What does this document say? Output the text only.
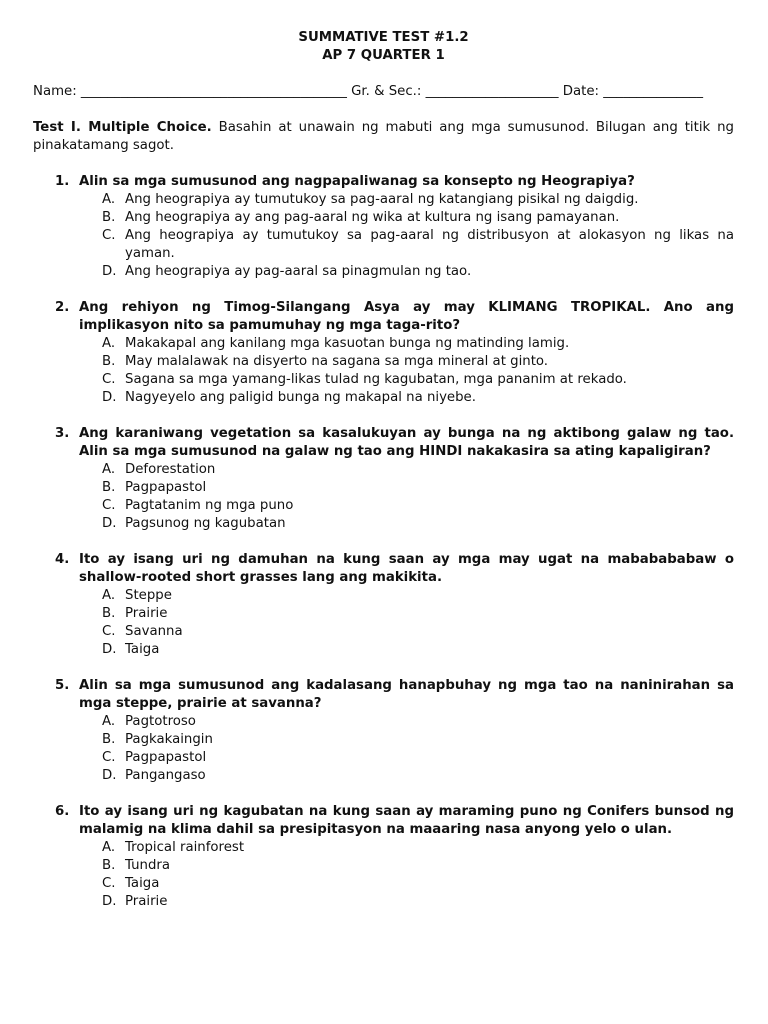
SUMMATIVE TEST #1.2
AP 7 QUARTER 1
Name: ________________________________________ Gr. & Sec.: ____________________ Date: _______________
Test I. Multiple Choice. Basahin at unawain ng mabuti ang mga sumusunod. Bilugan ang titik ng pinakatamang sagot.
1. Alin sa mga sumusunod ang nagpapaliwanag sa konsepto ng Heograpiya?
A. Ang heograpiya ay tumutukoy sa pag-aaral ng katangiang pisikal ng daigdig.
B. Ang heograpiya ay ang pag-aaral ng wika at kultura ng isang pamayanan.
C. Ang heograpiya ay tumutukoy sa pag-aaral ng distribusyon at alokasyon ng likas na yaman.
D. Ang heograpiya ay pag-aaral sa pinagmulan ng tao.
2. Ang rehiyon ng Timog-Silangang Asya ay may KLIMANG TROPIKAL. Ano ang implikasyon nito sa pamumuhay ng mga taga-rito?
A. Makakapal ang kanilang mga kasuotan bunga ng matinding lamig.
B. May malalawak na disyerto na sagana sa mga mineral at ginto.
C. Sagana sa mga yamang-likas tulad ng kagubatan, mga pananim at rekado.
D. Nagyeyelo ang paligid bunga ng makapal na niyebe.
3. Ang karaniwang vegetation sa kasalukuyan ay bunga na ng aktibong galaw ng tao. Alin sa mga sumusunod na galaw ng tao ang HINDI nakakasira sa ating kapaligiran?
A. Deforestation
B. Pagpapastol
C. Pagtatanim ng mga puno
D. Pagsunog ng kagubatan
4. Ito ay isang uri ng damuhan na kung saan ay mga may ugat na mababababaw o shallow-rooted short grasses lang ang makikita.
A. Steppe
B. Prairie
C. Savanna
D. Taiga
5. Alin sa mga sumusunod ang kadalasang hanapbuhay ng mga tao na naninirahan sa mga steppe, prairie at savanna?
A. Pagtotroso
B. Pagkakaingin
C. Pagpapastol
D. Pangangaso
6. Ito ay isang uri ng kagubatan na kung saan ay maraming puno ng Conifers bunsod ng malamig na klima dahil sa presipitasyon na maaaring nasa anyong yelo o ulan.
A. Tropical rainforest
B. Tundra
C. Taiga
D. Prairie
